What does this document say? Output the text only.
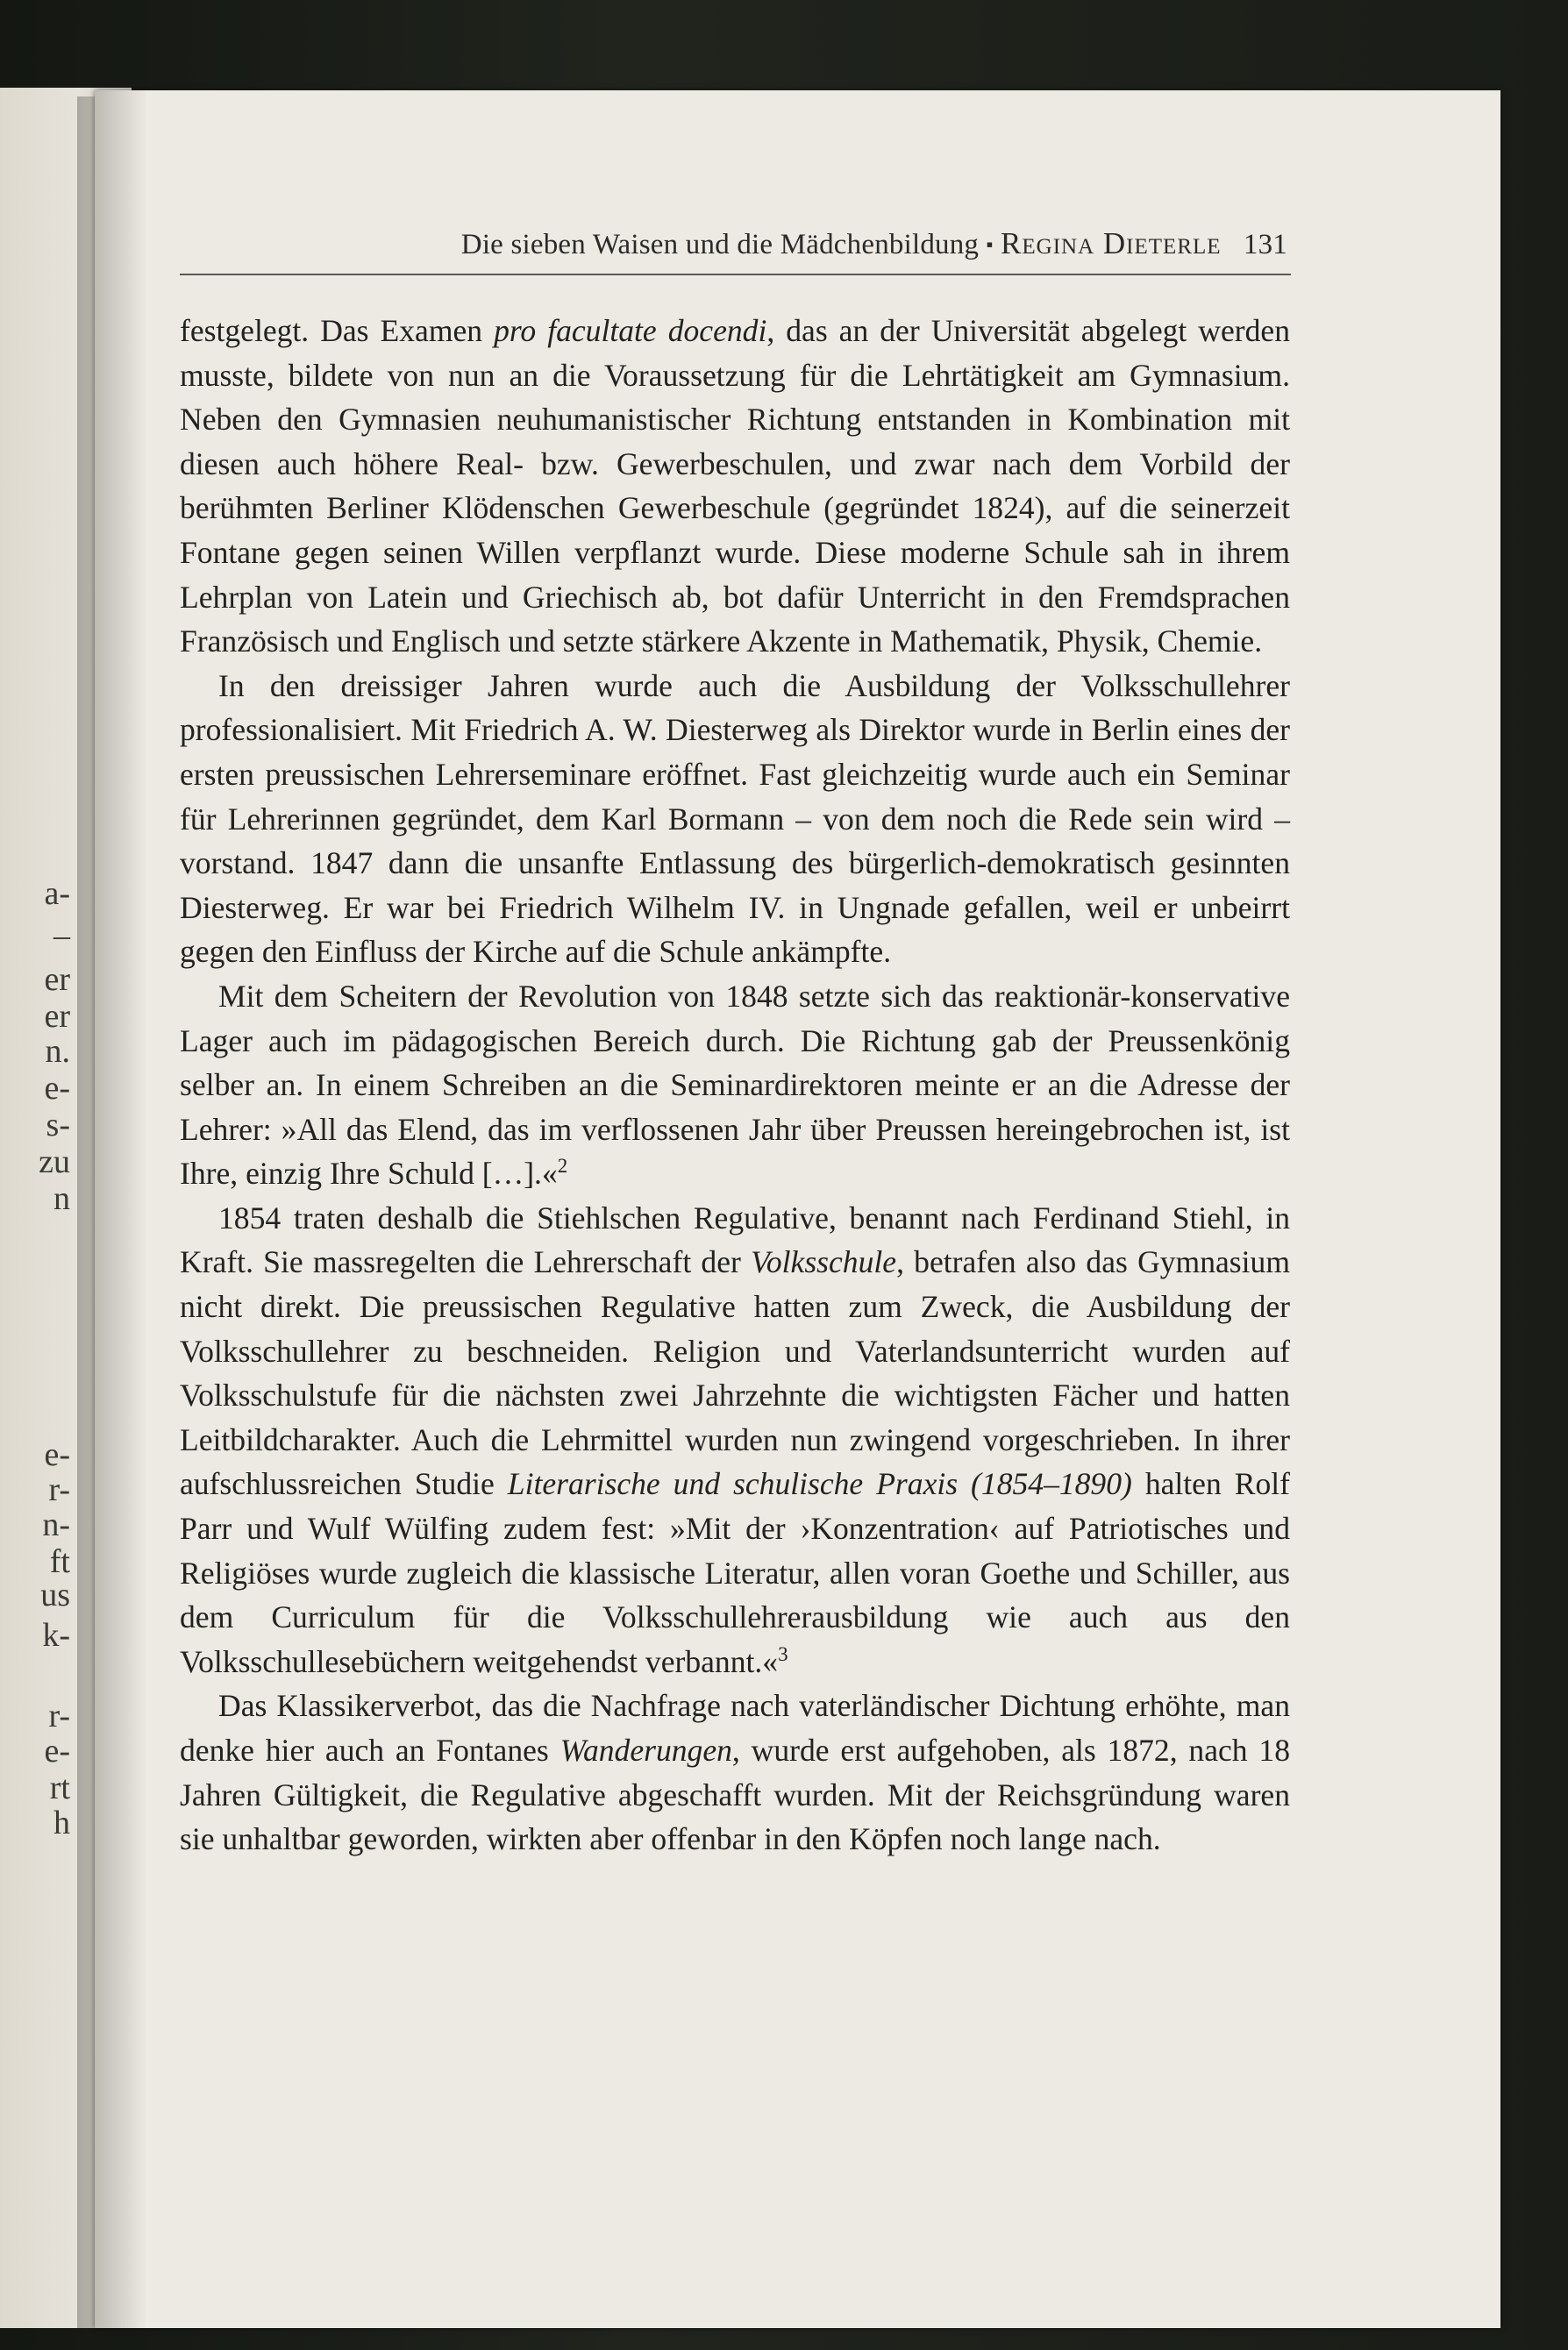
a-
–
er
er
n.
e-
s-
zu
n
e-
r-
n-
ft
us
k-
r-
e-
rt
h
Die sieben Waisen und die Mädchenbildung ▪ Regina Dieterle 131

festgelegt. Das Examen pro facultate docendi, das an der Universität abgelegt werden musste, bildete von nun an die Voraussetzung für die Lehrtätigkeit am Gymnasium. Neben den Gymnasien neuhumanistischer Richtung entstanden in Kombination mit diesen auch höhere Real- bzw. Gewerbeschulen, und zwar nach dem Vorbild der berühmten Berliner Klödenschen Gewerbeschule (gegründet 1824), auf die seinerzeit Fontane gegen seinen Willen verpflanzt wurde. Diese moderne Schule sah in ihrem Lehrplan von Latein und Griechisch ab, bot dafür Unterricht in den Fremdsprachen Französisch und Englisch und setzte stärkere Akzente in Mathematik, Physik, Chemie.

In den dreissiger Jahren wurde auch die Ausbildung der Volksschullehrer professionalisiert. Mit Friedrich A. W. Diesterweg als Direktor wurde in Berlin eines der ersten preussischen Lehrerseminare eröffnet. Fast gleichzeitig wurde auch ein Seminar für Lehrerinnen gegründet, dem Karl Bormann – von dem noch die Rede sein wird – vorstand. 1847 dann die unsanfte Entlassung des bürgerlich-demokratisch gesinnten Diesterweg. Er war bei Friedrich Wilhelm IV. in Ungnade gefallen, weil er unbeirrt gegen den Einfluss der Kirche auf die Schule ankämpfte.

Mit dem Scheitern der Revolution von 1848 setzte sich das reaktionär-konservative Lager auch im pädagogischen Bereich durch. Die Richtung gab der Preussenkönig selber an. In einem Schreiben an die Seminardirektoren meinte er an die Adresse der Lehrer: »All das Elend, das im verflossenen Jahr über Preussen hereingebrochen ist, ist Ihre, einzig Ihre Schuld […].«$^2$

1854 traten deshalb die Stiehlschen Regulative, benannt nach Ferdinand Stiehl, in Kraft. Sie massregelten die Lehrerschaft der Volksschule, betrafen also das Gymnasium nicht direkt. Die preussischen Regulative hatten zum Zweck, die Ausbildung der Volksschullehrer zu beschneiden. Religion und Vaterlandsunterricht wurden auf Volksschulstufe für die nächsten zwei Jahrzehnte die wichtigsten Fächer und hatten Leitbildcharakter. Auch die Lehrmittel wurden nun zwingend vorgeschrieben. In ihrer aufschlussreichen Studie Literarische und schulische Praxis (1854–1890) halten Rolf Parr und Wulf Wülfing zudem fest: »Mit der ›Konzentration‹ auf Patriotisches und Religiöses wurde zugleich die klassische Literatur, allen voran Goethe und Schiller, aus dem Curriculum für die Volksschullehrerausbildung wie auch aus den Volksschullesebüchern weitgehendst verbannt.«$^3$

Das Klassikerverbot, das die Nachfrage nach vaterländischer Dichtung erhöhte, man denke hier auch an Fontanes Wanderungen, wurde erst aufgehoben, als 1872, nach 18 Jahren Gültigkeit, die Regulative abgeschafft wurden. Mit der Reichsgründung waren sie unhaltbar geworden, wirkten aber offenbar in den Köpfen noch lange nach.
